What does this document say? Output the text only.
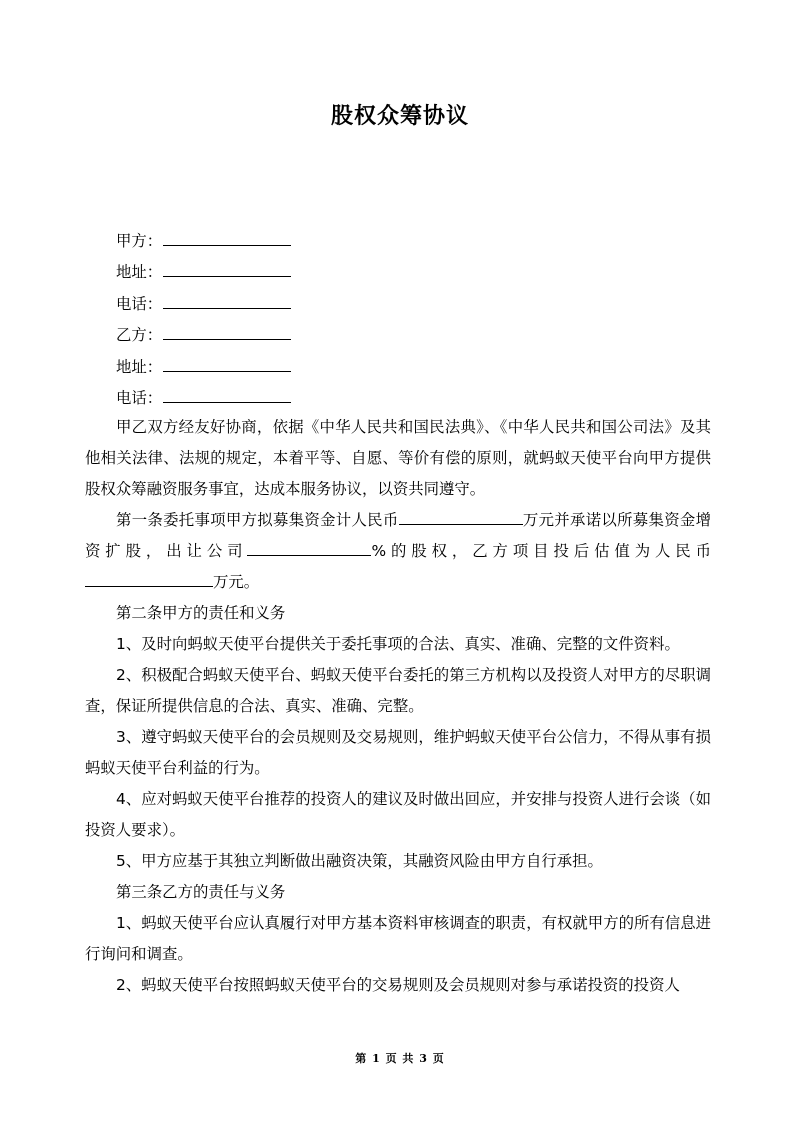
股权众筹协议
甲方：
地址：
电话：
乙方：
地址：
电话：

甲乙双方经友好协商，依据《中华人民共和国民法典》、《中华人民共和国公司法》及其他相关法律、法规的规定，本着平等、自愿、等价有偿的原则，就蚂蚁天使平台向甲方提供股权众筹融资服务事宜，达成本服务协议，以资共同遵守。

第一条委托事项甲方拟募集资金计人民币	万元并承诺以所募集资金增资扩股，出让公司	%的股权，乙方项目投后估值为人民币 万元。

第二条甲方的责任和义务

1、及时向蚂蚁天使平台提供关于委托事项的合法、真实、准确、完整的文件资料。

2、积极配合蚂蚁天使平台、蚂蚁天使平台委托的第三方机构以及投资人对甲方的尽职调查，保证所提供信息的合法、真实、准确、完整。

3、遵守蚂蚁天使平台的会员规则及交易规则，维护蚂蚁天使平台公信力，不得从事有损蚂蚁天使平台利益的行为。

4、应对蚂蚁天使平台推荐的投资人的建议及时做出回应，并安排与投资人进行会谈（如投资人要求）。

5、甲方应基于其独立判断做出融资决策，其融资风险由甲方自行承担。

第三条乙方的责任与义务

1、蚂蚁天使平台应认真履行对甲方基本资料审核调查的职责，有权就甲方的所有信息进行询问和调查。

2、蚂蚁天使平台按照蚂蚁天使平台的交易规则及会员规则对参与承诺投资的投资人

第 1 页 共 3 页
